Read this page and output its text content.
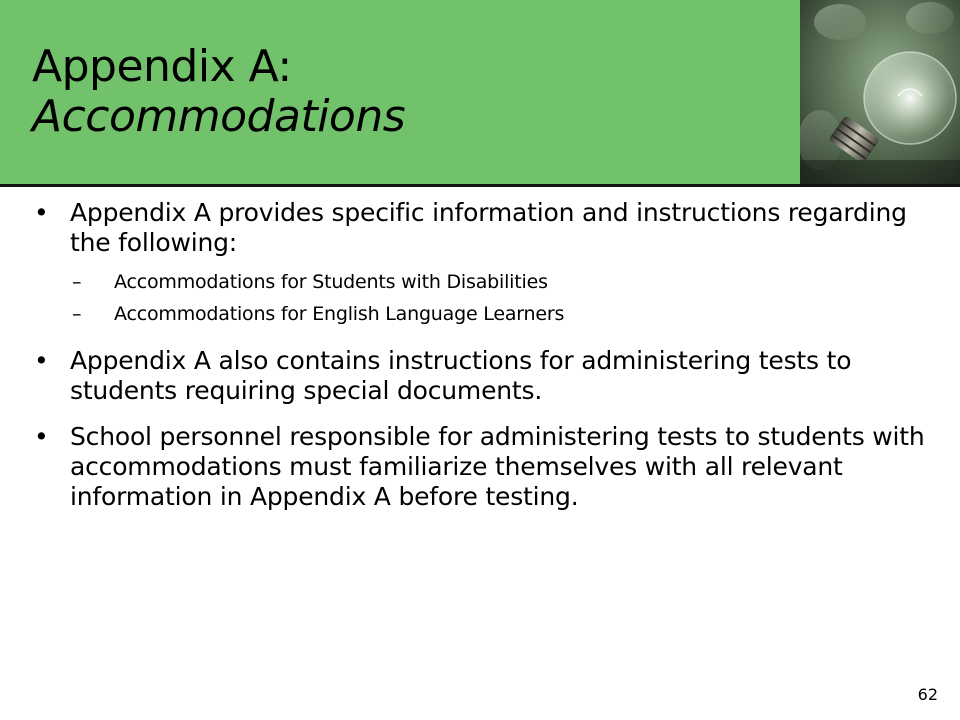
Appendix A:
Accommodations
• Appendix A provides specific information and instructions regarding the following:
– Accommodations for Students with Disabilities
– Accommodations for English Language Learners
• Appendix A also contains instructions for administering tests to students requiring special documents.
• School personnel responsible for administering tests to students with accommodations must familiarize themselves with all relevant information in Appendix A before testing.
62
